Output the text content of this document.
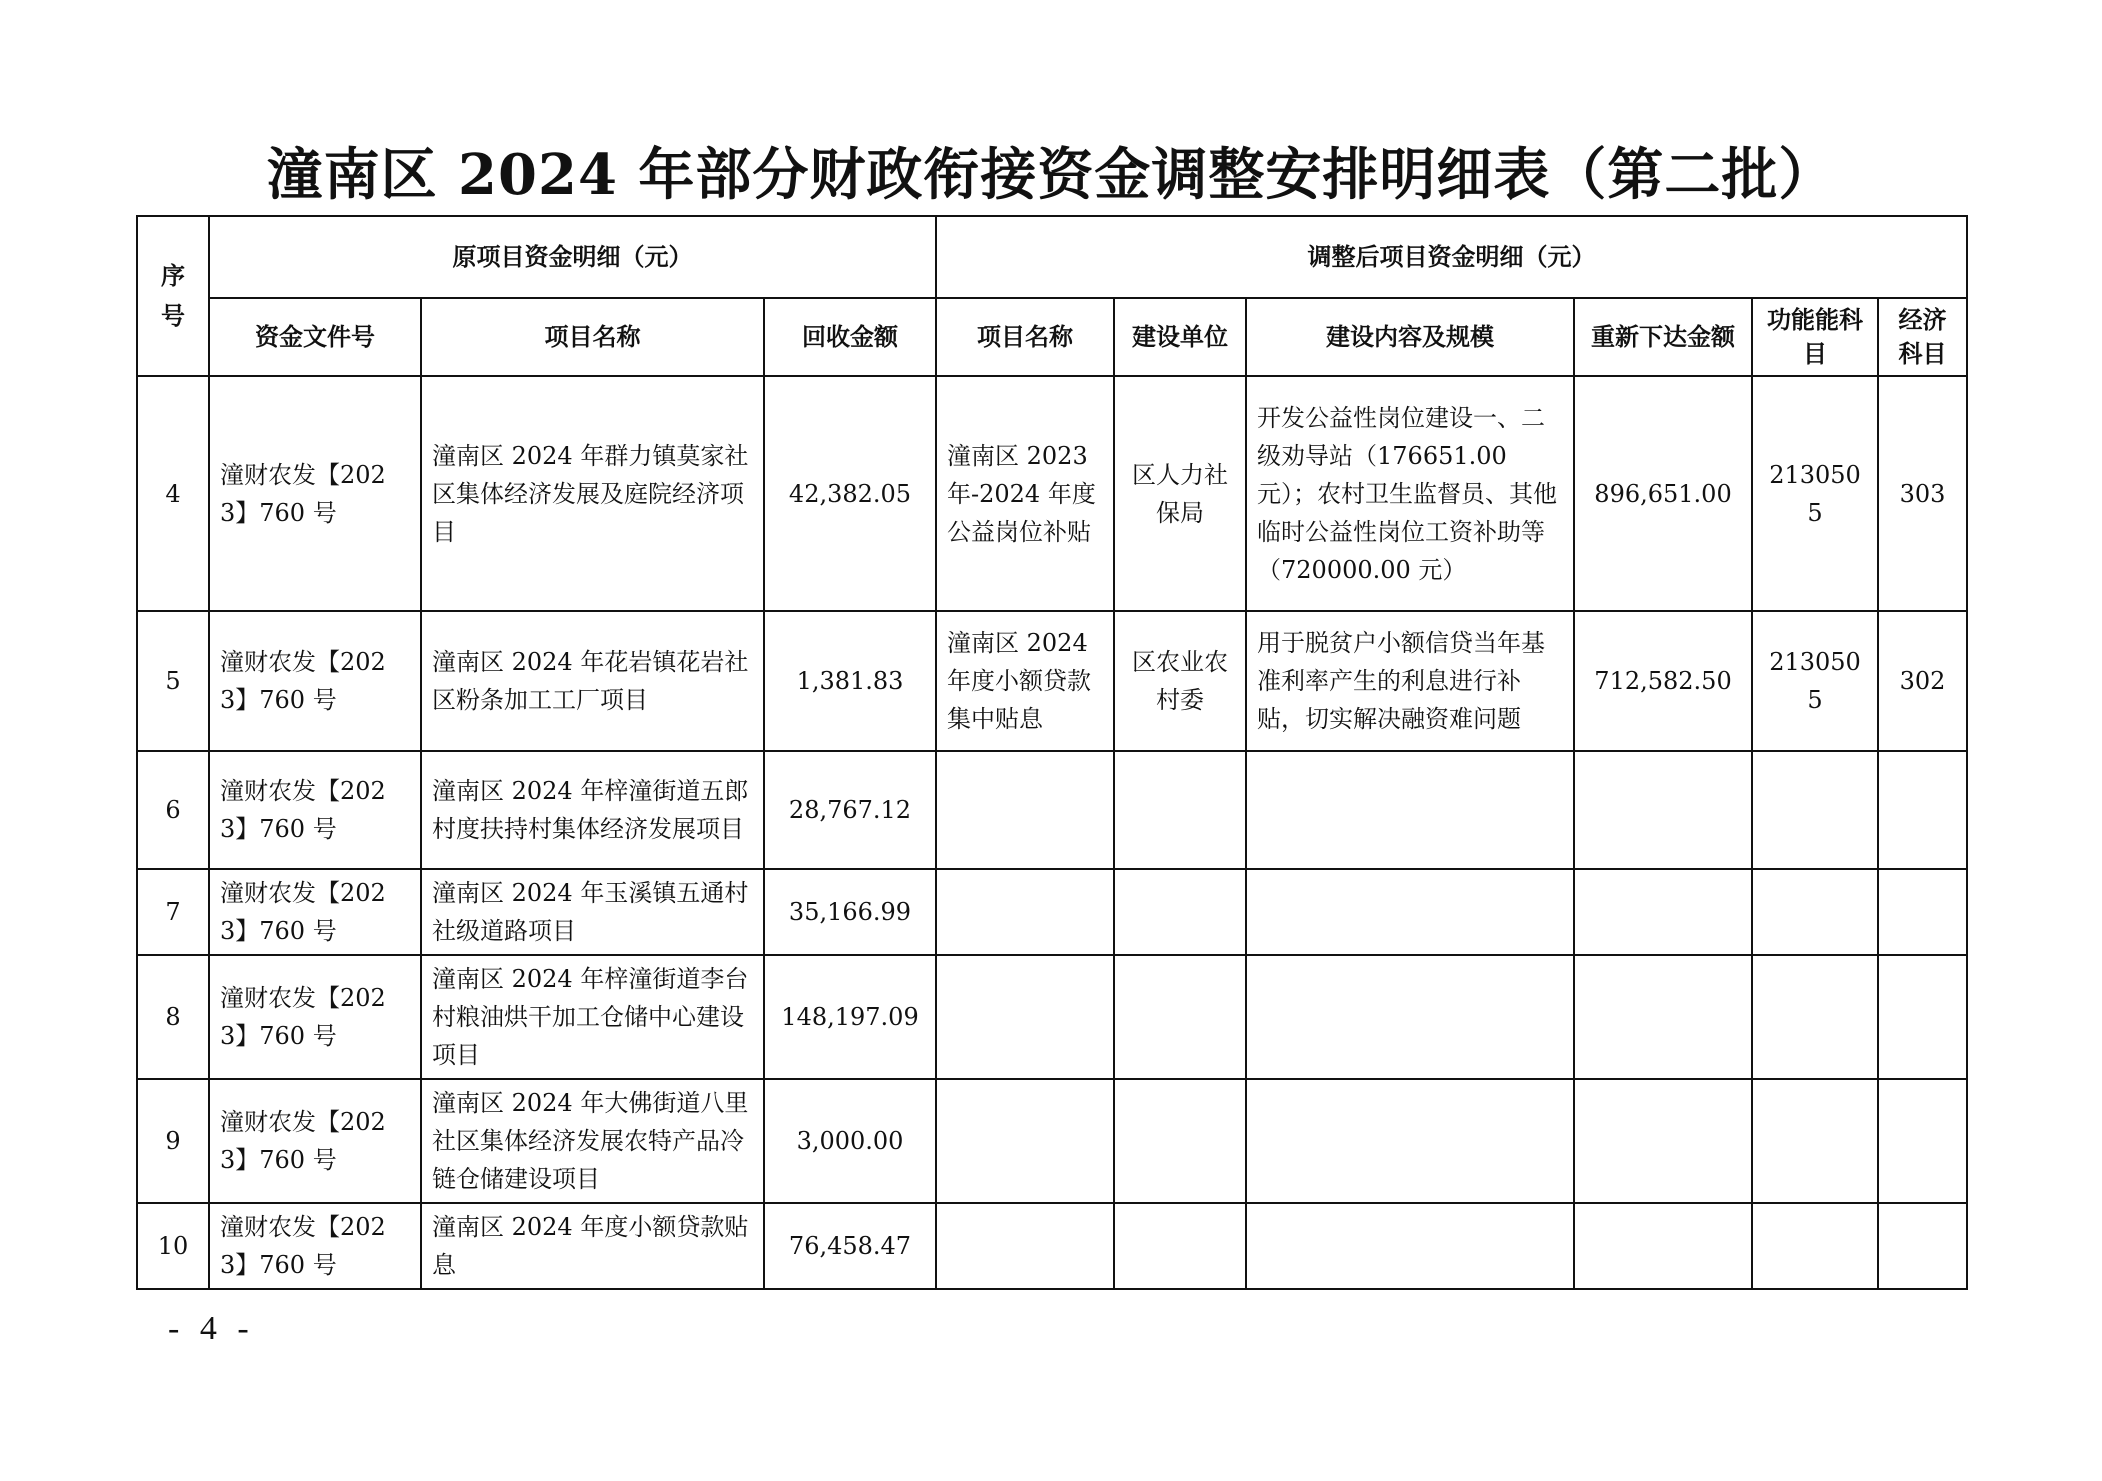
潼南区 2024 年部分财政衔接资金调整安排明细表（第二批）
序
号	原项目资金明细（元）			调整后项目资金明细（元）					
	资金文件号	项目名称	回收金额	项目名称	建设单位	建设内容及规模	重新下达金额	功能能科目	经济科目
4	潼财农发【2023】760 号	潼南区 2024 年群力镇莫家社区集体经济发展及庭院经济项目	42,382.05	潼南区 2023 年-2024 年度公益岗位补贴	区人力社保局	开发公益性岗位建设一、二级劝导站（176651.00 元）；农村卫生监督员、其他临时公益性岗位工资补助等（720000.00 元）	896,651.00	2130505	303
5	潼财农发【2023】760 号	潼南区 2024 年花岩镇花岩社区粉条加工工厂项目	1,381.83	潼南区 2024 年度小额贷款集中贴息	区农业农村委	用于脱贫户小额信贷当年基准利率产生的利息进行补贴，切实解决融资难问题	712,582.50	2130505	302
6	潼财农发【2023】760 号	潼南区 2024 年梓潼街道五郎村度扶持村集体经济发展项目	28,767.12						
7	潼财农发【2023】760 号	潼南区 2024 年玉溪镇五通村社级道路项目	35,166.99						
8	潼财农发【2023】760 号	潼南区 2024 年梓潼街道李台村粮油烘干加工仓储中心建设项目	148,197.09						
9	潼财农发【2023】760 号	潼南区 2024 年大佛街道八里社区集体经济发展农特产品冷链仓储建设项目	3,000.00						
10	潼财农发【2023】760 号	潼南区 2024 年度小额贷款贴息	76,458.47						
- 4 -
